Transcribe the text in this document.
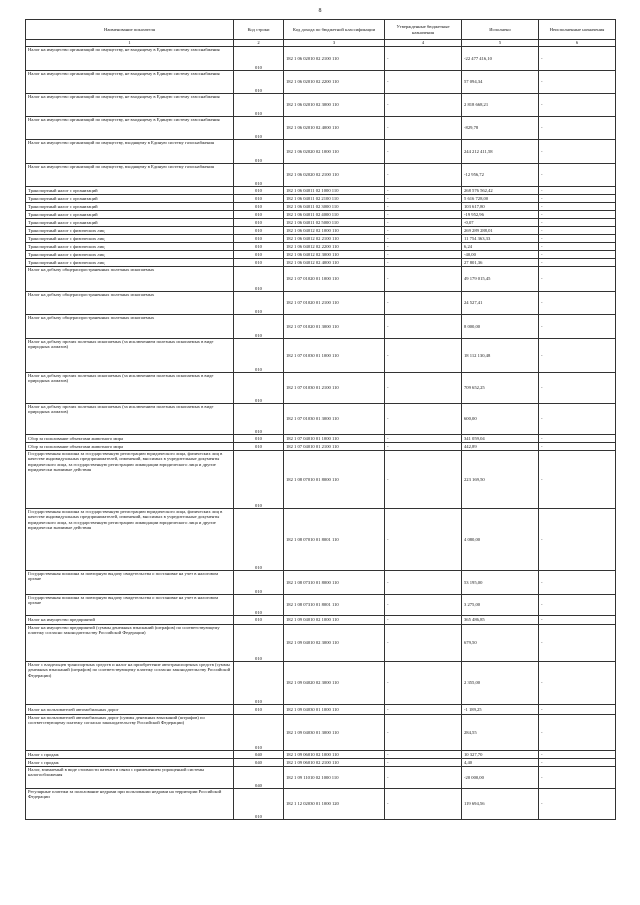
8
Наименование показателя	Код строки	Код дохода по бюджетной классификации	Утвержденные бюджетные назначения	Исполнено	Неисполненные назначения
1	2	3	4	5	6
Налог на имущество организаций по имуществу, не входящему в Единую систему газоснабжения	010	182 1 06 02010 02 2100 110	-	-22 477 416,10	-
Налог на имущество организаций по имуществу, не входящему в Единую систему газоснабжения	010	182 1 06 02010 02 2200 110	-	57 094,34	-
Налог на имущество организаций по имуществу, не входящему в Единую систему газоснабжения	010	182 1 06 02010 02 3000 110	-	2 818 668,21	-
Налог на имущество организаций по имуществу, не входящему в Единую систему газоснабжения	010	182 1 06 02010 02 4000 110	-	-829,78	-
Налог на имущество организаций по имуществу, входящему в Единую систему газоснабжения	010	182 1 06 02020 02 1000 110	-	244 212 411,58	-
Налог на имущество организаций по имуществу, входящему в Единую систему газоснабжения	010	182 1 06 02020 02 2100 110	-	-12 956,72	-
Транспортный налог с организаций	010	182 1 06 04011 02 1000 110	-	268 576 562,42	-
Транспортный налог с организаций	010	182 1 06 04011 02 2100 110	-	5 616 728,00	-
Транспортный налог с организаций	010	182 1 06 04011 02 3000 110	-	103 617,80	-
Транспортный налог с организаций	010	182 1 06 04011 02 4000 110	-	-19 952,96	-
Транспортный налог с организаций	010	182 1 06 04011 02 5000 110	-	-0,07	-
Транспортный налог с физических лиц	010	182 1 06 04012 02 1000 110	-	269 289 288,01	-
Транспортный налог с физических лиц	010	182 1 06 04012 02 2100 110	-	11 754 363,33	-
Транспортный налог с физических лиц	010	182 1 06 04012 02 2200 110	-	6,24	-
Транспортный налог с физических лиц	010	182 1 06 04012 02 3000 110	-	-40,00	-
Транспортный налог с физических лиц	010	182 1 06 04012 02 4000 110	-	27 801,36	-
Налог на добычу общераспространенных полезных ископаемых	010	182 1 07 01020 01 1000 110	-	49 179 015,45	-
Налог на добычу общераспространенных полезных ископаемых	010	182 1 07 01020 01 2100 110	-	24 527,41	-
Налог на добычу общераспространенных полезных ископаемых	010	182 1 07 01020 01 3000 110	-	8 000,00	-
Налог на добычу прочих полезных ископаемых (за исключением полезных ископаемых в виде природных алмазов)	010	182 1 07 01030 01 1000 110	-	18 112 130,48	-
Налог на добычу прочих полезных ископаемых (за исключением полезных ископаемых в виде природных алмазов)	010	182 1 07 01030 01 2100 110	-	709 652,25	-
Налог на добычу прочих полезных ископаемых (за исключением полезных ископаемых в виде природных алмазов)	010	182 1 07 01030 01 3000 110	-	600,00	-
Сбор за пользование объектами животного мира	010	182 1 07 04010 01 1000 110	-	341 059,04	-
Сбор за пользование объектами животного мира	010	182 1 07 04010 01 2100 110	-	442,89	-
Государственная пошлина за государственную регистрацию юридического лица, физических лиц в качестве индивидуальных предпринимателей, изменений, вносимых в учредительные документы юридического лица, за государственную регистрацию ликвидации юридического лица и другие юридически значимые действия	010	182 1 08 07010 01 8000 110	-	223 169,50	-
Государственная пошлина за государственную регистрацию юридического лица, физических лиц в качестве индивидуальных предпринимателей, изменений, вносимых в учредительные документы юридического лица, за государственную регистрацию ликвидации юридического лица и другие юридически значимые действия	010	182 1 08 07010 01 8001 110	-	4 080,00	-
Государственная пошлина за повторную выдачу свидетельства о постановке на учет в налоговом органе	010	182 1 08 07310 01 8000 110	-	53 195,00	-
Государственная пошлина за повторную выдачу свидетельства о постановке на учет в налоговом органе	010	182 1 08 07310 01 8001 110	-	3 275,00	-
Налог на имущество предприятий	010	182 1 09 04010 02 1000 110	-	365 486,85	-
Налог на имущество предприятий (суммы денежных взысканий (штрафов) по соответствующему платежу согласно законодательству Российской Федерации)	010	182 1 09 04010 02 3000 110	-	679,50	-
Налог с владельцев транспортных средств и налог на приобретение автотранспортных средств (суммы денежных взысканий (штрафов) по соответствующему платежу согласно законодательству Российской Федерации)	010	182 1 09 04020 02 3000 110	-	2 355,00	-
Налог на пользователей автомобильных дорог	010	182 1 09 04030 01 1000 110	-	-1 189,25	-
Налог на пользователей автомобильных дорог (суммы денежных взысканий (штрафов) по соответствующему платежу согласно законодательству Российской Федерации)	010	182 1 09 04030 01 3000 110	-	284,55	-
Налог с продаж	040	182 1 09 06010 02 1000 110	-	10 327,70	-
Налог с продаж	040	182 1 09 06010 02 2100 110	-	4,40	-
Налог, взимаемый в виде стоимости патента в связи с применением упрощенной системы налогообложения	040	182 1 09 11010 02 1000 110	-	-20 000,00	-
Регулярные платежи за пользование недрами при пользовании недрами на территории Российской Федерации	010	182 1 12 02030 01 1000 120	-	119 694,56	-
